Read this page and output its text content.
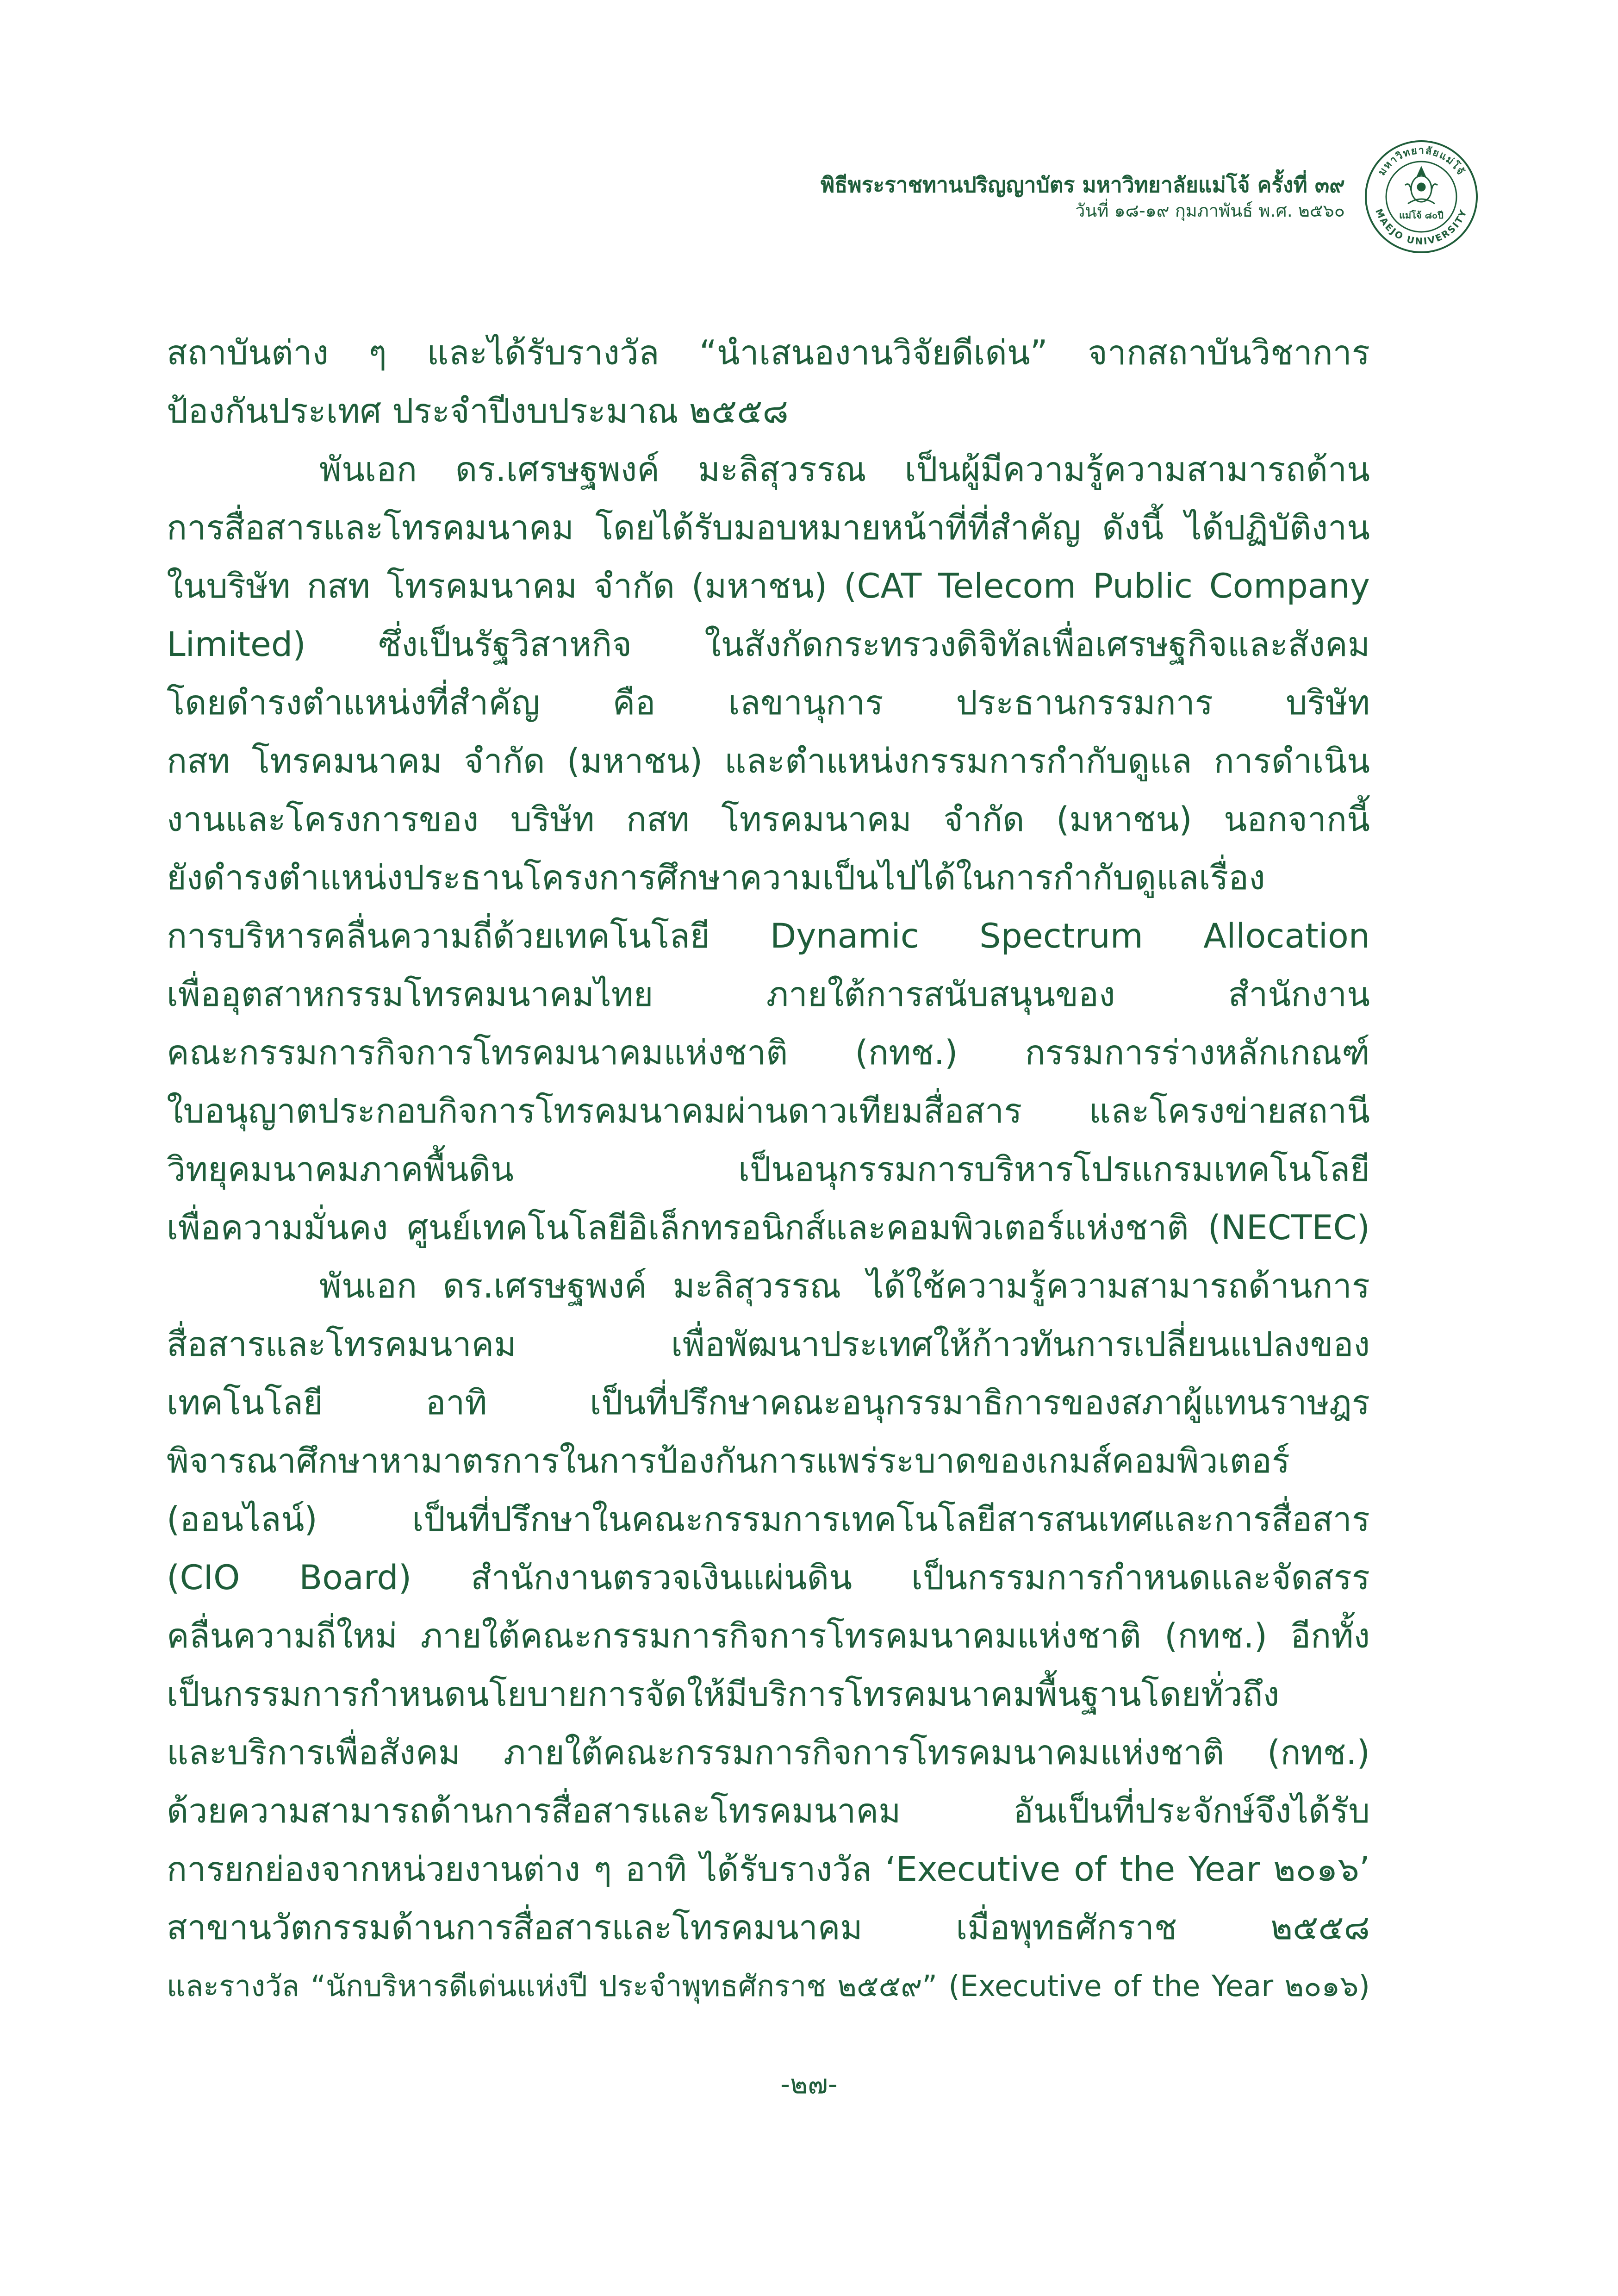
พิธีพระราชทานปริญญาบัตร มหาวิทยาลัยแม่โจ้ ครั้งที่ ๓๙
วันที่ ๑๘-๑๙ กุมภาพันธ์ พ.ศ. ๒๕๖๐
มหาวิทยาลัยแม่โจ้
MAEJO UNIVERSITY
แม่โจ้ ๘๐ปี
สถาบันต่าง ๆ และได้รับรางวัล “นำเสนองานวิจัยดีเด่น” จากสถาบันวิชาการ
ป้องกันประเทศ ประจำปีงบประมาณ ๒๕๕๘
พันเอก ดร.เศรษฐพงค์ มะลิสุวรรณ เป็นผู้มีความรู้ความสามารถด้าน
การสื่อสารและโทรคมนาคม โดยได้รับมอบหมายหน้าที่ที่สำคัญ ดังนี้ ได้ปฏิบัติงาน
ในบริษัท กสท โทรคมนาคม จำกัด (มหาชน) (CAT Telecom Public Company
Limited) ซึ่งเป็นรัฐวิสาหกิจ ในสังกัดกระทรวงดิจิทัลเพื่อเศรษฐกิจและสังคม
โดยดำรงตำแหน่งที่สำคัญ คือ เลขานุการ ประธานกรรมการ บริษัท
กสท โทรคมนาคม จำกัด (มหาชน) และตำแหน่งกรรมการกำกับดูแล การดำเนิน
งานและโครงการของ บริษัท กสท โทรคมนาคม จำกัด (มหาชน) นอกจากนี้
ยังดำรงตำแหน่งประธานโครงการศึกษาความเป็นไปได้ในการกำกับดูแลเรื่อง
การบริหารคลื่นความถี่ด้วยเทคโนโลยี Dynamic Spectrum Allocation
เพื่ออุตสาหกรรมโทรคมนาคมไทย ภายใต้การสนับสนุนของ สำนักงาน
คณะกรรมการกิจการโทรคมนาคมแห่งชาติ (กทช.) กรรมการร่างหลักเกณฑ์
ใบอนุญาตประกอบกิจการโทรคมนาคมผ่านดาวเทียมสื่อสาร และโครงข่ายสถานี
วิทยุคมนาคมภาคพื้นดิน เป็นอนุกรรมการบริหารโปรแกรมเทคโนโลยี
เพื่อความมั่นคง ศูนย์เทคโนโลยีอิเล็กทรอนิกส์และคอมพิวเตอร์แห่งชาติ (NECTEC)
พันเอก ดร.เศรษฐพงค์ มะลิสุวรรณ ได้ใช้ความรู้ความสามารถด้านการ
สื่อสารและโทรคมนาคม เพื่อพัฒนาประเทศให้ก้าวทันการเปลี่ยนแปลงของ
เทคโนโลยี อาทิ เป็นที่ปรึกษาคณะอนุกรรมาธิการของสภาผู้แทนราษฎร
พิจารณาศึกษาหามาตรการในการป้องกันการแพร่ระบาดของเกมส์คอมพิวเตอร์
(ออนไลน์) เป็นที่ปรึกษาในคณะกรรมการเทคโนโลยีสารสนเทศและการสื่อสาร
(CIO Board) สำนักงานตรวจเงินแผ่นดิน เป็นกรรมการกำหนดและจัดสรร
คลื่นความถี่ใหม่ ภายใต้คณะกรรมการกิจการโทรคมนาคมแห่งชาติ (กทช.) อีกทั้ง
เป็นกรรมการกำหนดนโยบายการจัดให้มีบริการโทรคมนาคมพื้นฐานโดยทั่วถึง
และบริการเพื่อสังคม ภายใต้คณะกรรมการกิจการโทรคมนาคมแห่งชาติ (กทช.)
ด้วยความสามารถด้านการสื่อสารและโทรคมนาคม อันเป็นที่ประจักษ์จึงได้รับ
การยกย่องจากหน่วยงานต่าง ๆ อาทิ ได้รับรางวัล ‘Executive of the Year ๒๐๑๖’
สาขานวัตกรรมด้านการสื่อสารและโทรคมนาคม เมื่อพุทธศักราช ๒๕๕๘
และรางวัล “นักบริหารดีเด่นแห่งปี ประจำพุทธศักราช ๒๕๕๙” (Executive of the Year ๒๐๑๖)
-๒๗-
